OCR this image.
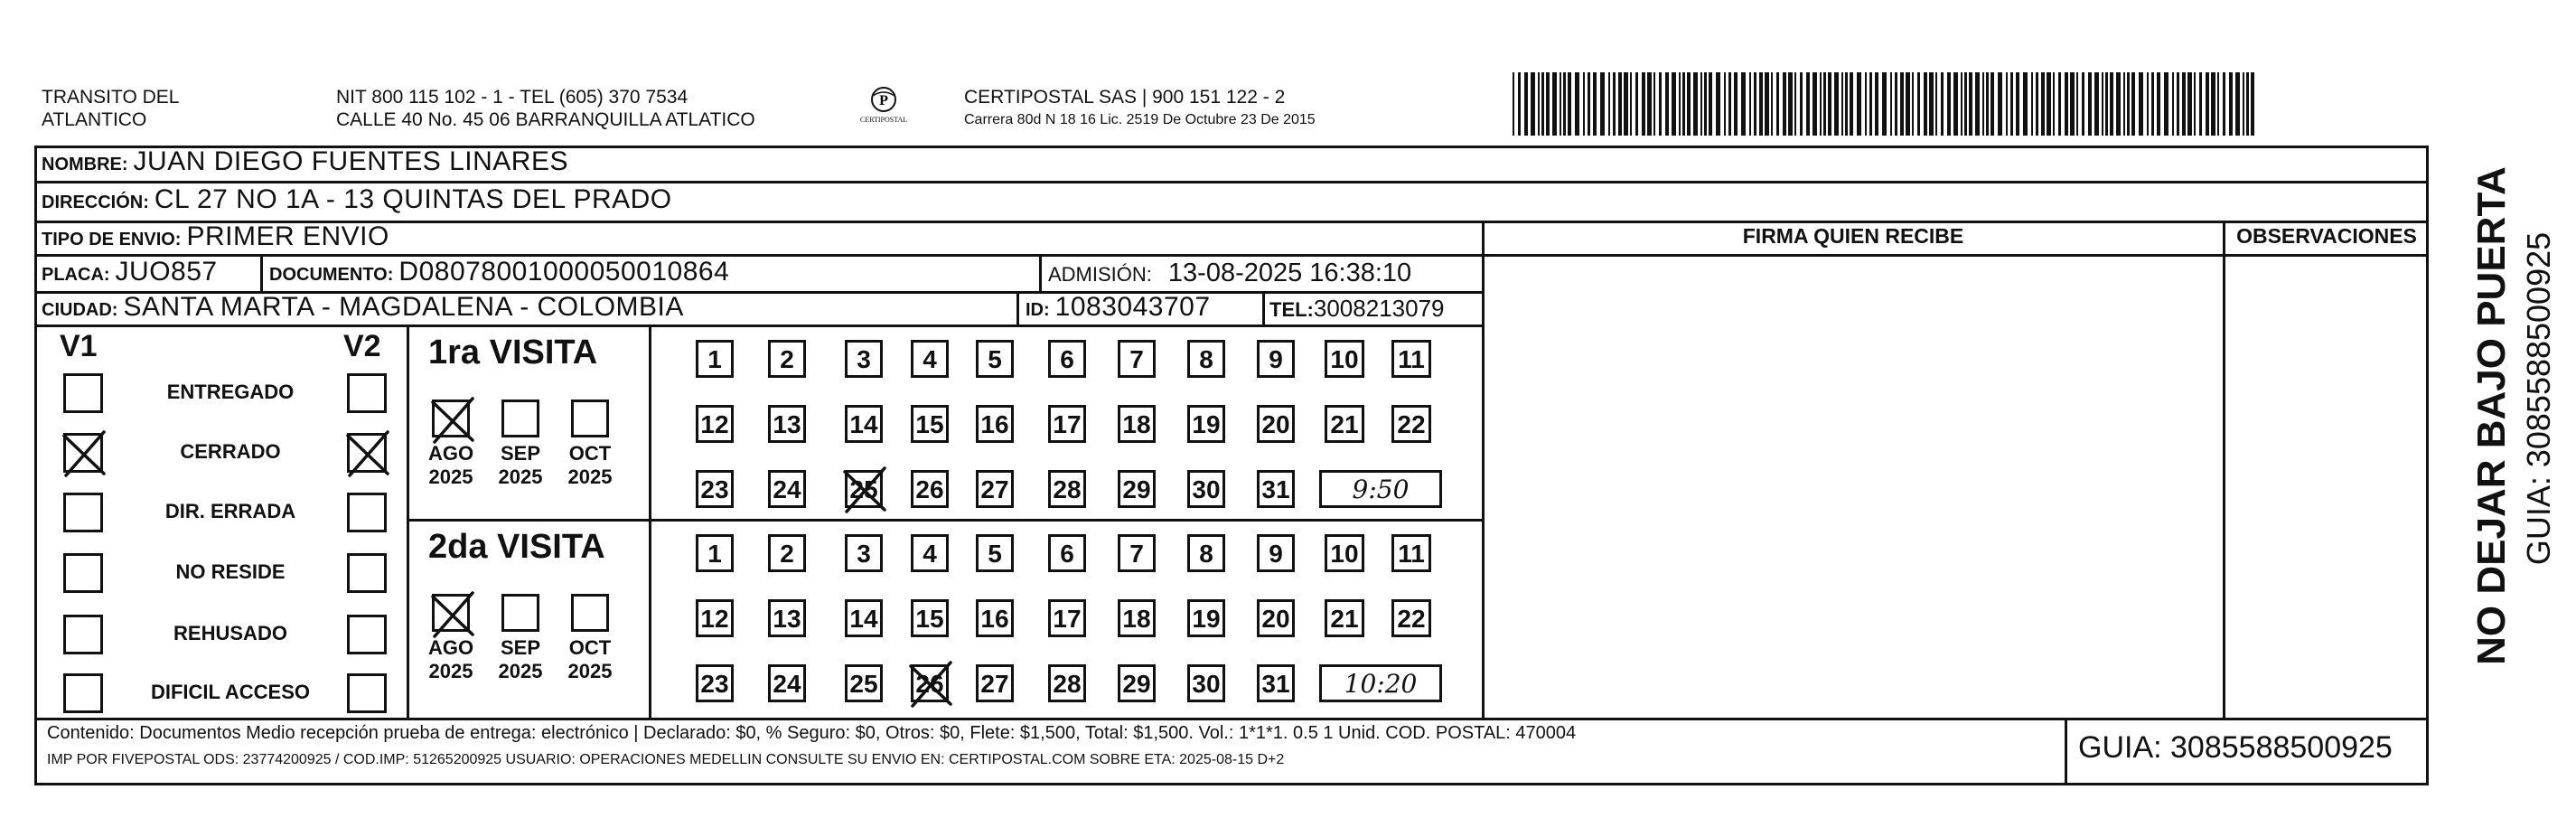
TRANSITO DEL
ATLANTICO
NIT 800 115 102 - 1 - TEL (605) 370 7534
CALLE 40 No. 45 06 BARRANQUILLA ATLATICO
P
CERTIPOSTAL
CERTIPOSTAL SAS | 900 151 122 - 2
Carrera 80d N 18 16 Lic. 2519 De Octubre 23 De 2015
NOMBRE: JUAN DIEGO FUENTES LINARES
DIRECCIÓN: CL 27 NO 1A - 13 QUINTAS DEL PRADO
TIPO DE ENVIO: PRIMER ENVIO
PLACA: JUO857	DOCUMENTO: D08078001000050010864	ADMISIÓN: 13-08-2025 16:38:10
CIUDAD: SANTA MARTA - MAGDALENA - COLOMBIA	ID: 1083043707	TEL: 3008213079
FIRMA QUIEN RECIBE	OBSERVACIONES
V1	V2
ENTREGADO
CERRADO
DIR. ERRADA
NO RESIDE
REHUSADO
DIFICIL ACCESO
1ra VISITA
AGO
2025
SEP
2025
OCT
2025
1	2	3	4	5	6	7	8	9	10 11
12 13 14 15 16 17 18 19 20 21 22
23 24 25 26 27 28 29 30 31	9:50
2da VISITA
AGO
2025
SEP
2025
OCT
2025
1	2	3	4	5	6	7	8	9	10 11
12 13 14 15 16 17 18 19 20 21 22
23 24 25 26 27 28 29 30 31	10:20
Contenido: Documentos Medio recepción prueba de entrega: electrónico | Declarado: $0, % Seguro: $0, Otros: $0, Flete: $1,500, Total: $1,500. Vol.: 1*1*1. 0.5 1 Unid. COD. POSTAL: 470004
IMP POR FIVEPOSTAL ODS: 23774200925 / COD.IMP: 51265200925 USUARIO: OPERACIONES MEDELLIN CONSULTE SU ENVIO EN: CERTIPOSTAL.COM SOBRE ETA: 2025-08-15 D+2	GUIA: 3085588500925
NO DEJAR BAJO PUERTA GUIA: 3085588500925
